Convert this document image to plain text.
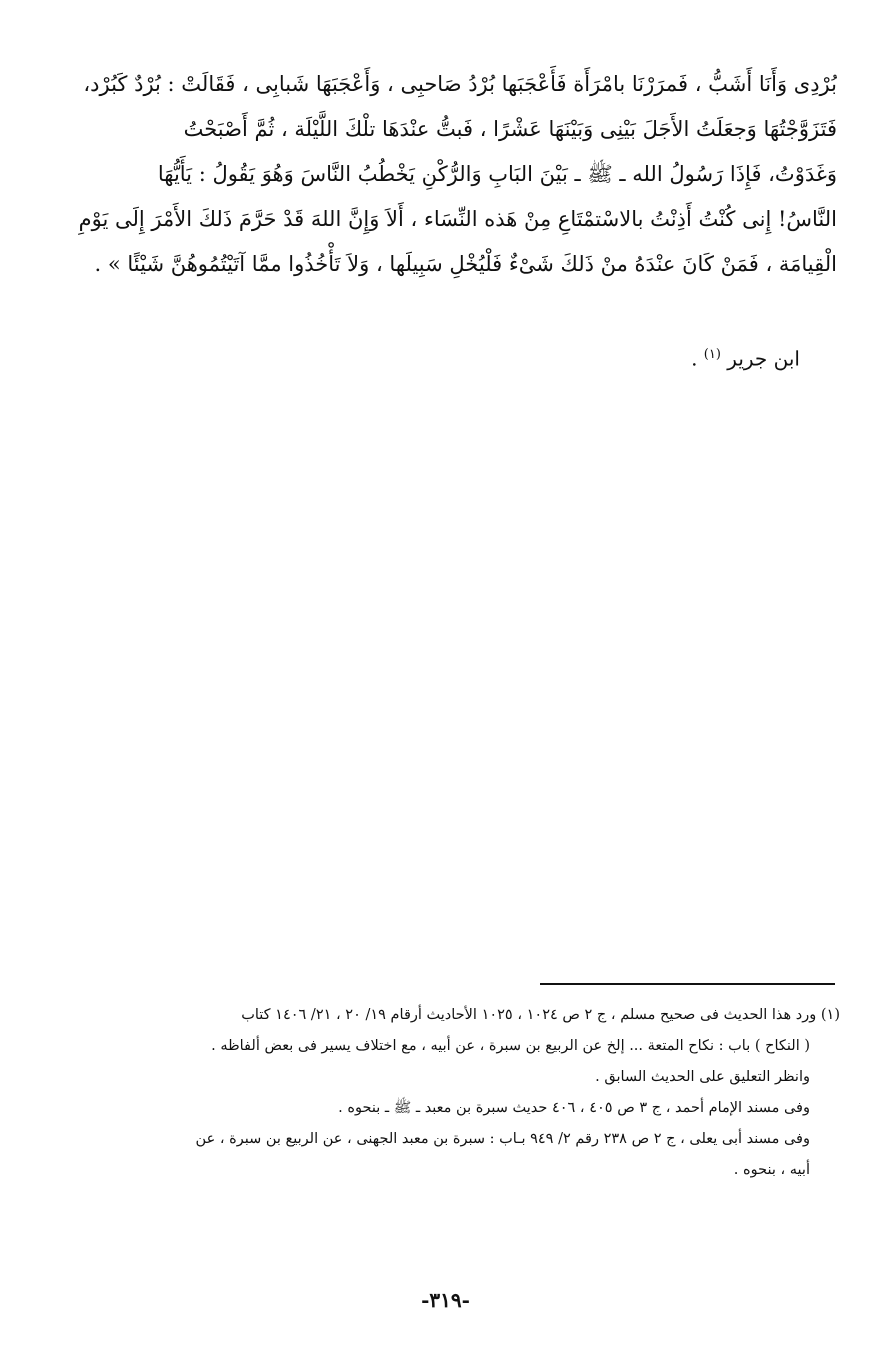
بُرْدِى وَأَنَا أَشَبُّ ، فَمرَرْنَا بامْرَأَة فَأَعْجَبَها بُرْدُ صَاحبِى ، وَأَعْجَبَهَا شَبابِى ، فَقَالَتْ : بُرْدٌ كَبُرْد،
فَتَزَوَّجْتُهَا وَجعَلَتُ الأَجَلَ بَيْنِى وَبَيْنَهَا عَشْرًا ، فَبتُّ عنْدَهَا تلْكَ اللَّيْلَة ، ثُمَّ أَصْبَحْتُ
وَغَدَوْتُ، فَإِذَا رَسُولُ الله ـ ﷺ ـ بَيْنَ البَابِ وَالرُّكْنِ يَخْطُبُ النَّاسَ وَهُوَ يَقُولُ : يَأَيُّهَا
النَّاسُ! إِنى كُنْتُ أَذِنْتُ بالاسْتمْتَاعِ مِنْ هَذه النِّسَاء ، أَلاَ وَإِنَّ اللهَ قَدْ حَرَّمَ ذَلكَ الأَمْرَ إِلَى يَوْمِ
الْقِيامَة ، فَمَنْ كَانَ عنْدَهُ منْ ذَلكَ شَىْءٌ فَلْيُخْلِ سَبِيلَها ، وَلاَ تَأْخُذُوا ممَّا آتَيْتُمُوهُنَّ شَيْئًا » .
ابن جرير $^{(١)}$ .
(١) ورد هذا الحديث فى صحيح مسلم ، ج ٢ ص ١٠٢٤ ، ١٠٢٥ الأحاديث أرقام ١٩/ ٢٠ ، ٢١/ ١٤٠٦ كتاب
( النكاح ) باب : نكاح المتعة ... إلخ عن الربيع بن سبرة ، عن أبيه ، مع اختلاف يسير فى بعض ألفاظه .
وانظر التعليق على الحديث السابق .
وفى مسند الإمام أحمد ، ج ٣ ص ٤٠٥ ، ٤٠٦ حديث سبرة بن معبد ـ ﷺ ـ بنحوه .
وفى مسند أبى يعلى ، ج ٢ ص ٢٣٨ رقم ٢/ ٩٤٩ بـاب : سبرة بن معبد الجهنى ، عن الربيع بن سبرة ، عن
أبيه ، بنحوه .
-٣١٩-
